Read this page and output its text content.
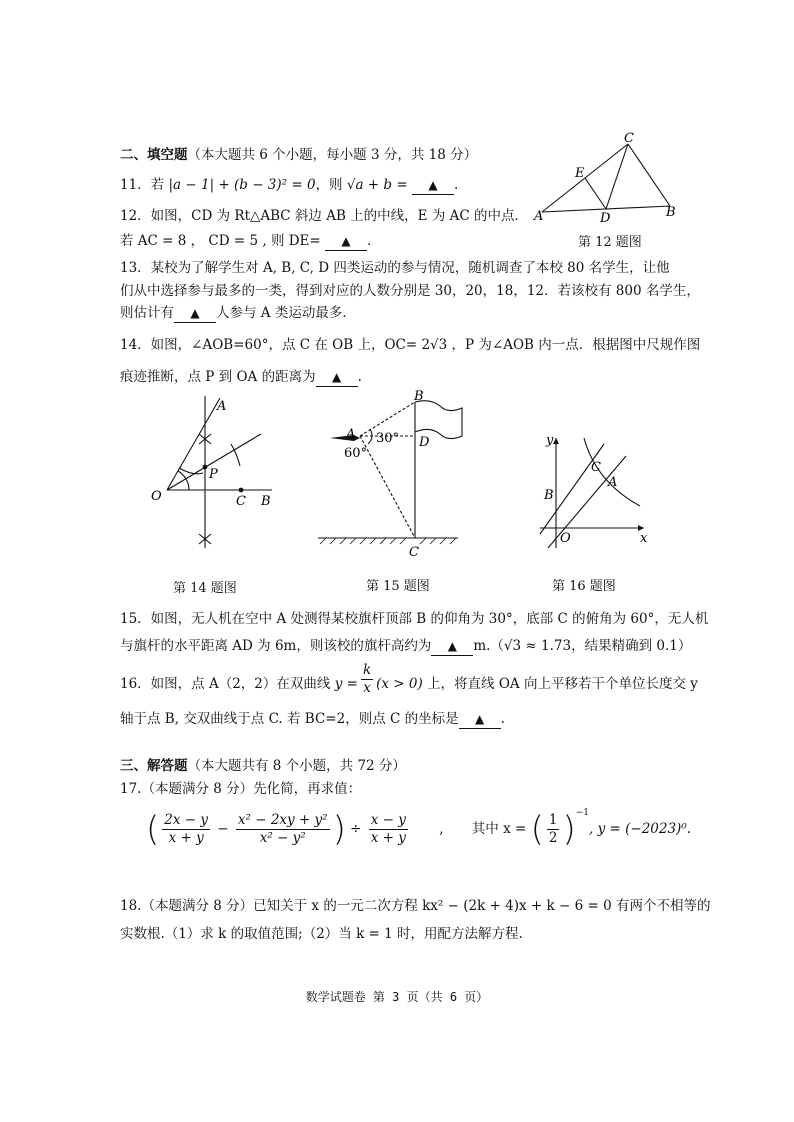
二、填空题（本大题共 6 个小题，每小题 3 分，共 18 分）
11．若 |a − 1| + (b − 3)² = 0，则 √a + b = ▲ .
12．如图，CD 为 Rt△ABC 斜边 AB 上的中线，E 为 AC 的中点．
若 AC = 8 ， CD = 5 , 则 DE= ▲ ．
A	B
C
D
E
第 12 题图
13．某校为了解学生对 A, B, C, D 四类运动的参与情况，随机调查了本校 80 名学生，让他
们从中选择参与最多的一类，得到对应的人数分别是 30，20，18，12．若该校有 800 名学生，
则估计有 ▲ 人参与 A 类运动最多．
14．如图，∠AOB=60°，点 C 在 OB 上，OC= 2√3 ，P 为∠AOB 内一点．根据图中尺规作图
痕迹推断，点 P 到 OA 的距离为 ▲ .
A
O
P
C B
第 14 题图
A
B
D
C
30°
60°
第 15 题图
y
x
O
A
B
C
第 16 题图
15．如图，无人机在空中 A 处测得某校旗杆顶部 B 的仰角为 30°，底部 C 的俯角为 60°，无人机
与旗杆的水平距离 AD 为 6m，则该校的旗杆高约为 ▲ m.（√3 ≈ 1.73，结果精确到 0.1）
16．如图，点 A（2，2）在双曲线 $y = \frac{k}{x} (x > 0)$ 上，将直线 OA 向上平移若干个单位长度交 y
轴于点 B, 交双曲线于点 C. 若 BC=2，则点 C 的坐标是 ▲ .
三、解答题（本大题共有 8 个小题，共 72 分）
17.（本题满分 8 分）先化简，再求值：
( $\frac{2x - y}{x + y} - \frac{\text{x² − 2xy + y²}}{\text{x² − y²}}$ ) ÷ $\frac{x - y}{x + y}$ , 其中 x = ( $\frac{1}{2} )^{-1}$, y = (−2023)⁰.
18.（本题满分 8 分）已知关于 x 的一元二次方程 kx² − (2k + 4)x + k − 6 = 0 有两个不相等的
实数根.（1）求 k 的取值范围;（2）当 k = 1 时，用配方法解方程.
数学试题卷 第 3 页（共 6 页）
